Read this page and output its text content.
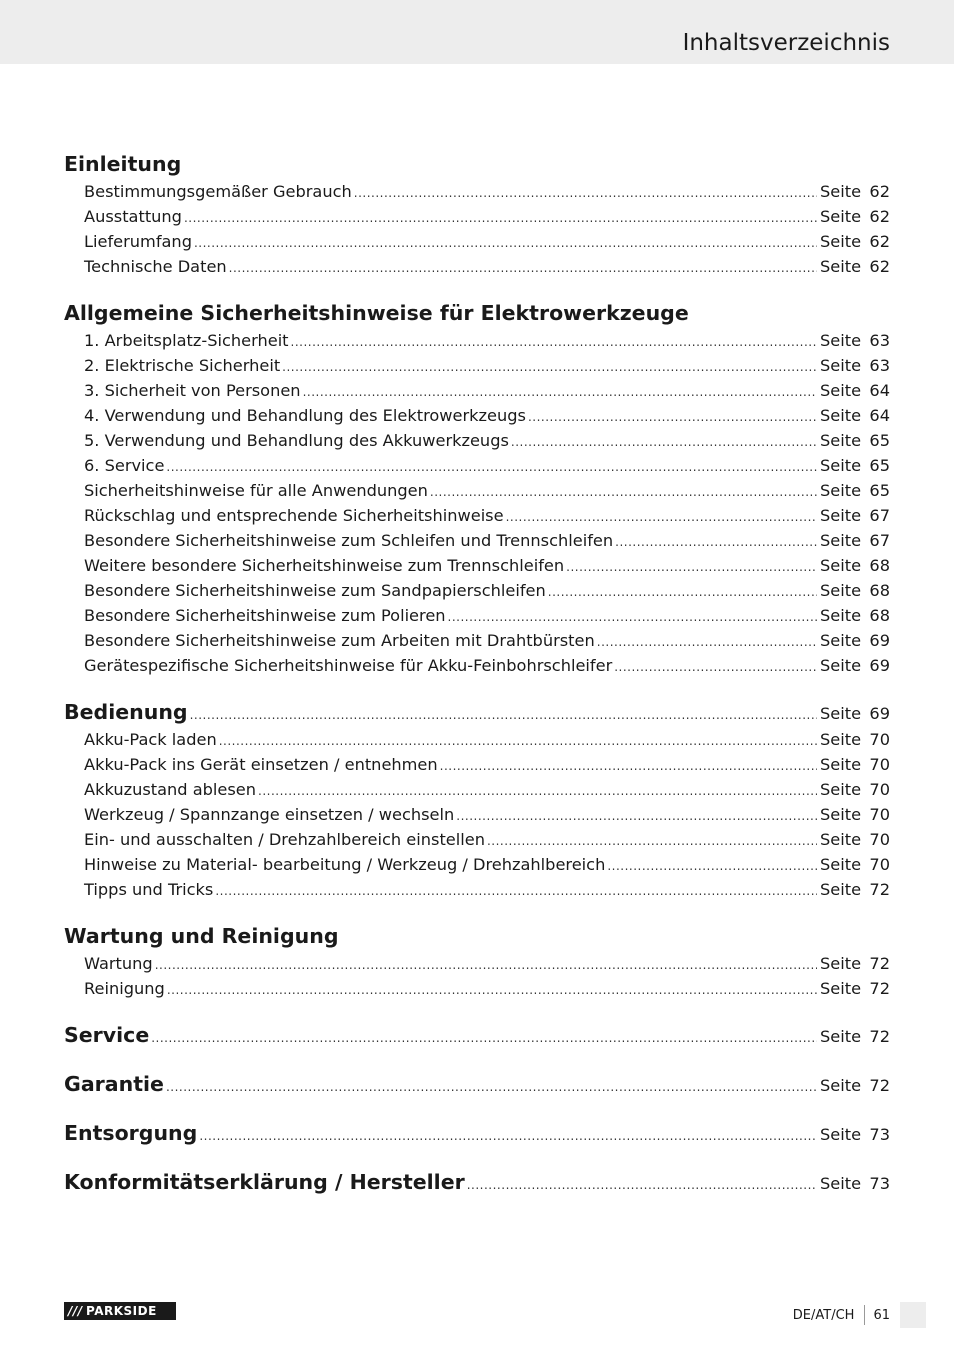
Inhaltsverzeichnis
Einleitung
Bestimmungsgemäßer Gebrauch .....	Seite 62
Ausstattung .....	Seite 62
Lieferumfang .....	Seite 62
Technische Daten .....	Seite 62
Allgemeine Sicherheitshinweise für Elektrowerkzeuge
1. Arbeitsplatz-Sicherheit .....	Seite 63
2. Elektrische Sicherheit .....	Seite 63
3. Sicherheit von Personen .....	Seite 64
4. Verwendung und Behandlung des Elektrowerkzeugs .....	Seite 64
5. Verwendung und Behandlung des Akkuwerkzeugs .....	Seite 65
6. Service .....	Seite 65
Sicherheitshinweise für alle Anwendungen .....	Seite 65
Rückschlag und entsprechende Sicherheitshinweise .....	Seite 67
Besondere Sicherheitshinweise zum Schleifen und Trennschleifen .....	Seite 67
Weitere besondere Sicherheitshinweise zum Trennschleifen .....	Seite 68
Besondere Sicherheitshinweise zum Sandpapierschleifen .....	Seite 68
Besondere Sicherheitshinweise zum Polieren .....	Seite 68
Besondere Sicherheitshinweise zum Arbeiten mit Drahtbürsten .....	Seite 69
Gerätespezifische Sicherheitshinweise für Akku-Feinbohrschleifer .....	Seite 69
Bedienung .....	Seite 69
Akku-Pack laden .....	Seite 70
Akku-Pack ins Gerät einsetzen / entnehmen .....	Seite 70
Akkuzustand ablesen .....	Seite 70
Werkzeug / Spannzange einsetzen / wechseln .....	Seite 70
Ein- und ausschalten / Drehzahlbereich einstellen .....	Seite 70
Hinweise zu Material- bearbeitung / Werkzeug / Drehzahlbereich .....	Seite 70
Tipps und Tricks .....	Seite 72
Wartung und Reinigung
Wartung .....	Seite 72
Reinigung .....	Seite 72
Service .....	Seite 72
Garantie .....	Seite 72
Entsorgung .....	Seite 73
Konformitätserklärung / Hersteller .....	Seite 73
/// PARKSIDE	DE/AT/CH	61
